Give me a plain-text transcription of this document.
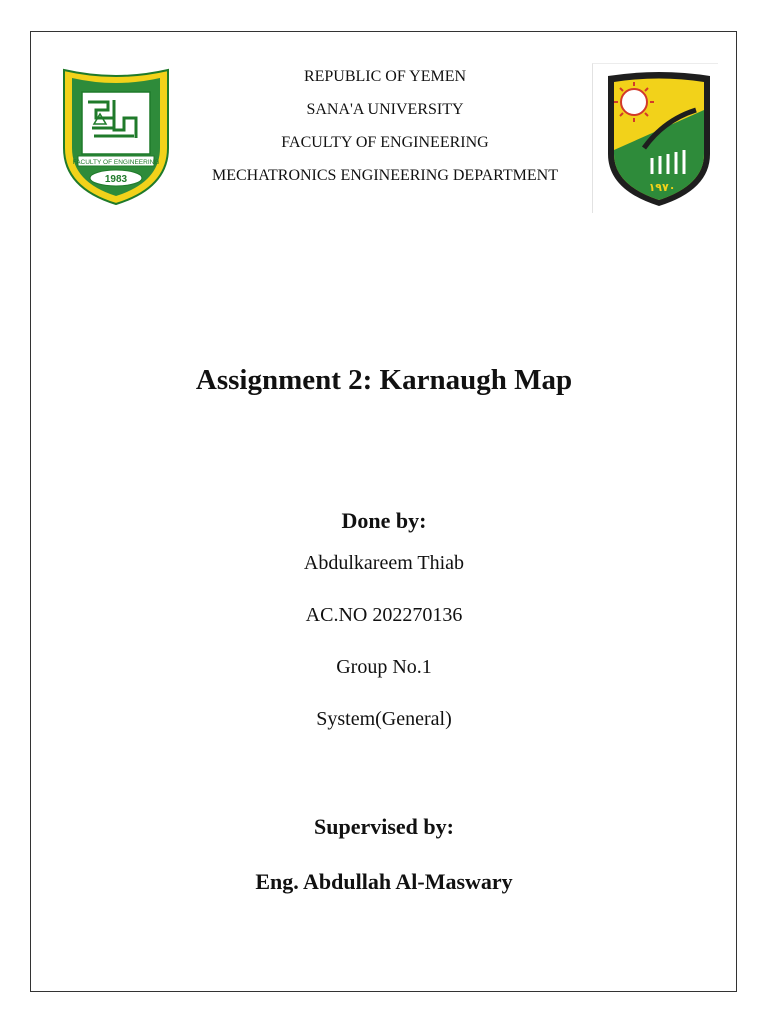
FACULTY OF ENGINEERING
1983
REPUBLIC OF YEMEN
SANA'A UNIVERSITY
FACULTY OF ENGINEERING
MECHATRONICS ENGINEERING DEPARTMENT
١٩٧٠
Assignment 2: Karnaugh Map
Done by:
Abdulkareem Thiab
AC.NO 202270136
Group No.1
System(General)
Supervised by:
Eng. Abdullah Al-Maswary
